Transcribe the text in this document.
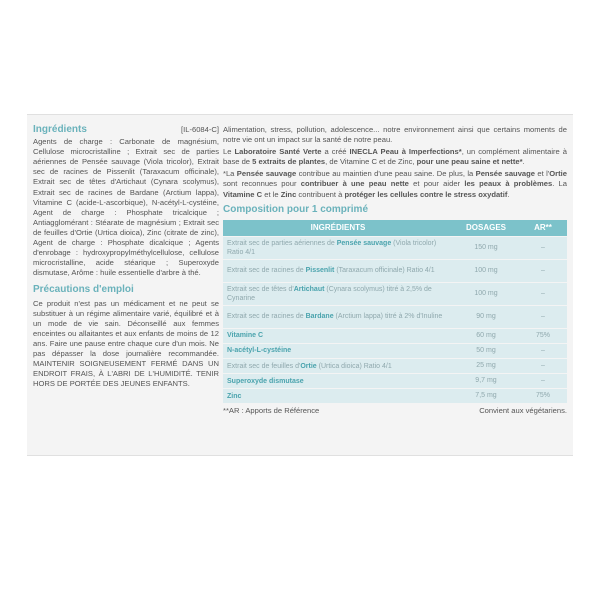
Ingrédients	[IL-6084-C]

Agents de charge : Carbonate de magnésium, Cellulose microcristalline ; Extrait sec de parties aériennes de Pensée sauvage (Viola tricolor), Extrait sec de racines de Pissenlit (Taraxacum officinale), Extrait sec de têtes d'Artichaut (Cynara scolymus), Extrait sec de racines de Bardane (Arctium lappa), Vitamine C (acide-L-ascorbique), N-acétyl-L-cystéine, Agent de charge : Phosphate tricalcique ; Antiagglomérant : Stéarate de magnésium ; Extrait sec de feuilles d'Ortie (Urtica dioica), Zinc (citrate de zinc), Agent de charge : Phosphate dicalcique ; Agents d'enrobage : hydroxypropylméthylcellulose, cellulose microcristalline, acide stéarique ; Superoxyde dismutase, Arôme : huile essentielle d'arbre à thé.

Précautions d'emploi

Ce produit n'est pas un médicament et ne peut se substituer à un régime alimentaire varié, équilibré et à un mode de vie sain. Déconseillé aux femmes enceintes ou allaitantes et aux enfants de moins de 12 ans. Faire une pause entre chaque cure d'un mois. Ne pas dépasser la dose journalière recommandée. MAINTENIR SOIGNEUSEMENT FERMÉ DANS UN ENDROIT FRAIS, À L'ABRI DE L'HUMIDITÉ. TENIR HORS DE PORTÉE DES JEUNES ENFANTS.

Alimentation, stress, pollution, adolescence... notre environnement ainsi que certains moments de notre vie ont un impact sur la santé de notre peau.

Le Laboratoire Santé Verte a créé INECLA Peau à Imperfections*, un complément alimentaire à base de 5 extraits de plantes, de Vitamine C et de Zinc, pour une peau saine et nette*.

*La Pensée sauvage contribue au maintien d'une peau saine. De plus, la Pensée sauvage et l'Ortie sont reconnues pour contribuer à une peau nette et pour aider les peaux à problèmes. La Vitamine C et le Zinc contribuent à protéger les cellules contre le stress oxydatif.

Composition pour 1 comprimé
INGRÉDIENTS	DOSAGES	AR**
Extrait sec de parties aériennes de Pensée sauvage (Viola tricolor) Ratio 4/1	150 mg	–
Extrait sec de racines de Pissenlit (Taraxacum officinale) Ratio 4/1	100 mg	–
Extrait sec de têtes d'Artichaut (Cynara scolymus) titré à 2,5% de Cynarine	100 mg	–
Extrait sec de racines de Bardane (Arctium lappa) titré à 2% d'Inuline	90 mg	–
Vitamine C	60 mg	75%
N-acétyl-L-cystéine	50 mg	–
Extrait sec de feuilles d'Ortie (Urtica dioica) Ratio 4/1	25 mg	–
Superoxyde dismutase	9,7 mg	–
Zinc	7,5 mg	75%
**AR : Apports de Référence	Convient aux végétariens.
